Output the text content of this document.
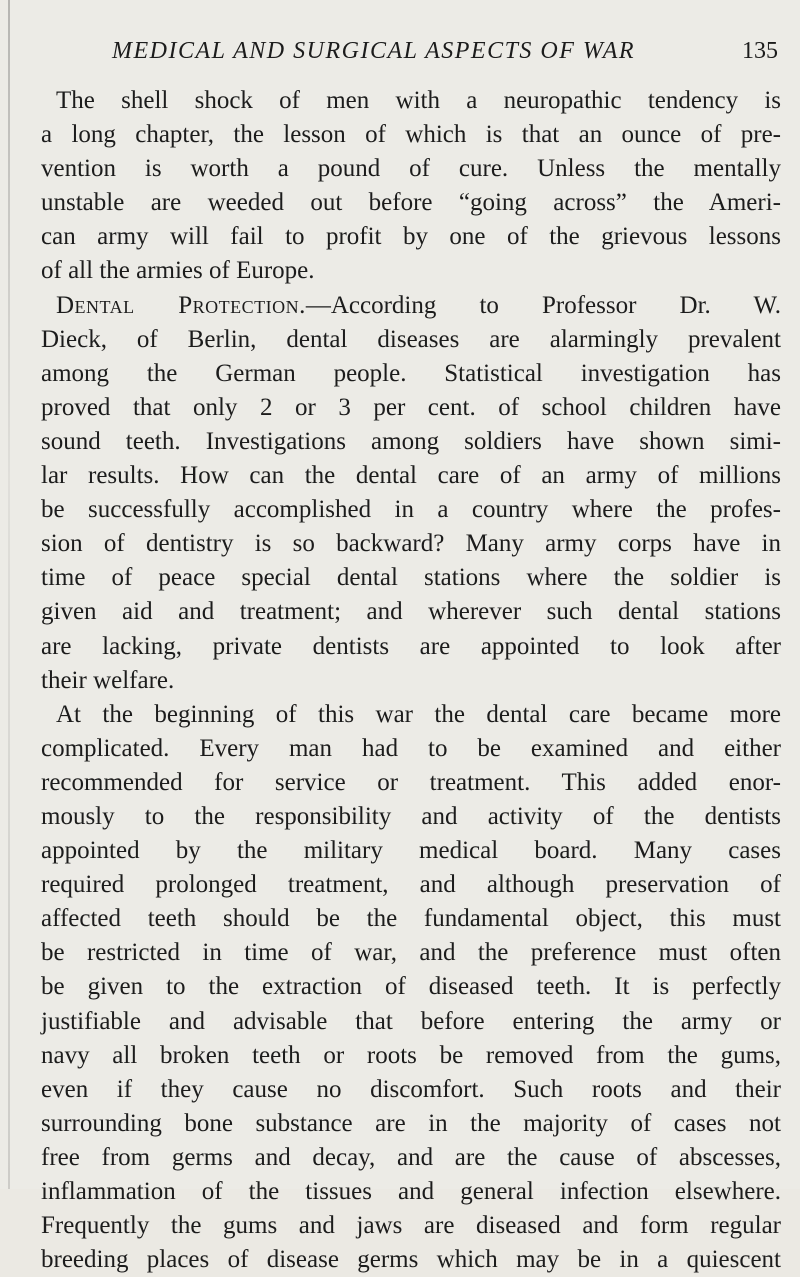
MEDICAL AND SURGICAL ASPECTS OF WAR	135
The shell shock of men with a neuropathic tendency is
a long chapter, the lesson of which is that an ounce of pre-
vention is worth a pound of cure. Unless the mentally
unstable are weeded out before “going across” the Ameri-
can army will fail to profit by one of the grievous lessons
of all the armies of Europe.
Dental Protection.—According to Professor Dr. W.
Dieck, of Berlin, dental diseases are alarmingly prevalent
among the German people. Statistical investigation has
proved that only 2 or 3 per cent. of school children have
sound teeth. Investigations among soldiers have shown simi-
lar results. How can the dental care of an army of millions
be successfully accomplished in a country where the profes-
sion of dentistry is so backward? Many army corps have in
time of peace special dental stations where the soldier is
given aid and treatment; and wherever such dental stations
are lacking, private dentists are appointed to look after
their welfare.
At the beginning of this war the dental care became more
complicated. Every man had to be examined and either
recommended for service or treatment. This added enor-
mously to the responsibility and activity of the dentists
appointed by the military medical board. Many cases
required prolonged treatment, and although preservation of
affected teeth should be the fundamental object, this must
be restricted in time of war, and the preference must often
be given to the extraction of diseased teeth. It is perfectly
justifiable and advisable that before entering the army or
navy all broken teeth or roots be removed from the gums,
even if they cause no discomfort. Such roots and their
surrounding bone substance are in the majority of cases not
free from germs and decay, and are the cause of abscesses,
inflammation of the tissues and general infection elsewhere.
Frequently the gums and jaws are diseased and form regular
breeding places of disease germs which may be in a quiescent
